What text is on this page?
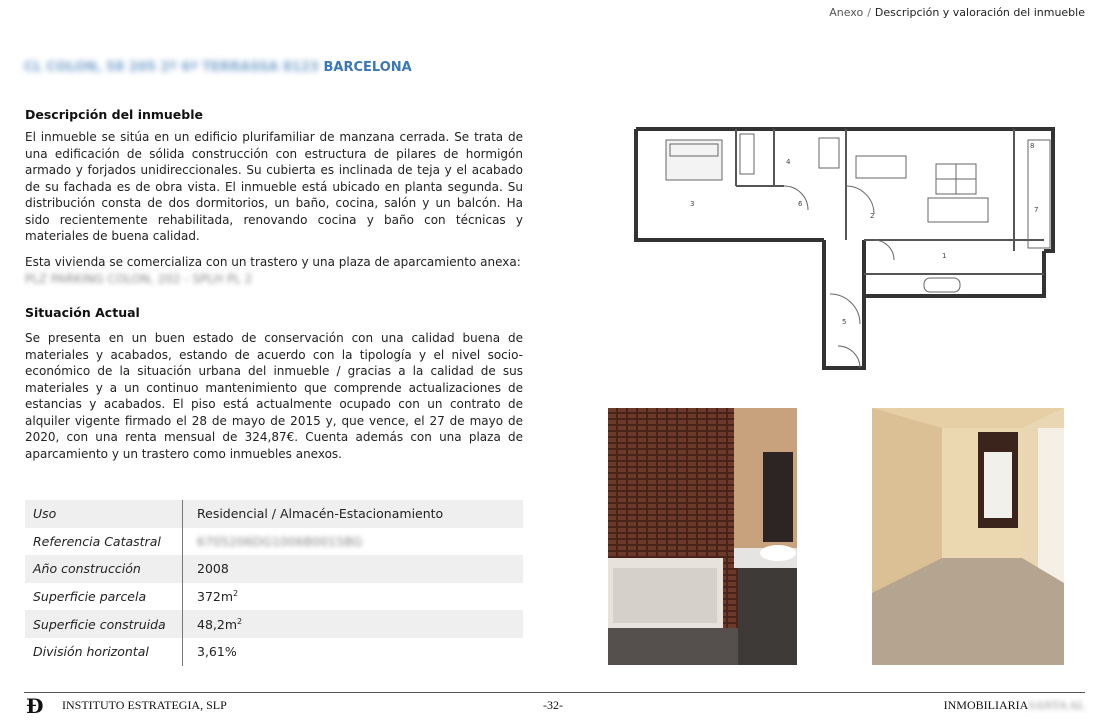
Anexo / Descripción y valoración del inmueble
CL COLON, 58 205 2º 6ª TERRASSA 8123 BARCELONA
Descripción del inmueble

El inmueble se sitúa en un edificio plurifamiliar de manzana cerrada. Se trata de una edificación de sólida construcción con estructura de pilares de hormigón armado y forjados unidireccionales. Su cubierta es inclinada de teja y el acabado de su fachada es de obra vista. El inmueble está ubicado en planta segunda. Su distribución consta de dos dormitorios, un baño, cocina, salón y un balcón. Ha sido recientemente rehabilitada, renovando cocina y baño con técnicas y materiales de buena calidad.

Esta vivienda se comercializa con un trastero y una plaza de aparcamiento anexa:
PLZ PARKING COLON, 202 - SPLH PL 2

Situación Actual

Se presenta en un buen estado de conservación con una calidad buena de materiales y acabados, estando de acuerdo con la tipología y el nivel socio-económico de la situación urbana del inmueble / gracias a la calidad de sus materiales y a un continuo mantenimiento que comprende actualizaciones de estancias y acabados. El piso está actualmente ocupado con un contrato de alquiler vigente firmado el 28 de mayo de 2015 y, que vence, el 27 de mayo de 2020, con una renta mensual de 324,87€. Cuenta además con una plaza de aparcamiento y un trastero como inmuebles anexos.

Uso	Residencial / Almacén-Estacionamiento
Referencia Catastral	6705206DG1006B0015BG
Año construcción	2008
Superficie parcela	$372m^2$
Superficie construida	$48,2m^2$
División horizontal	3,61%
1
2
3
4
5
6
7
8
Ð INSTITUTO ESTRATEGIA, SLP	-32-	INMOBILIARIASANTA AL
